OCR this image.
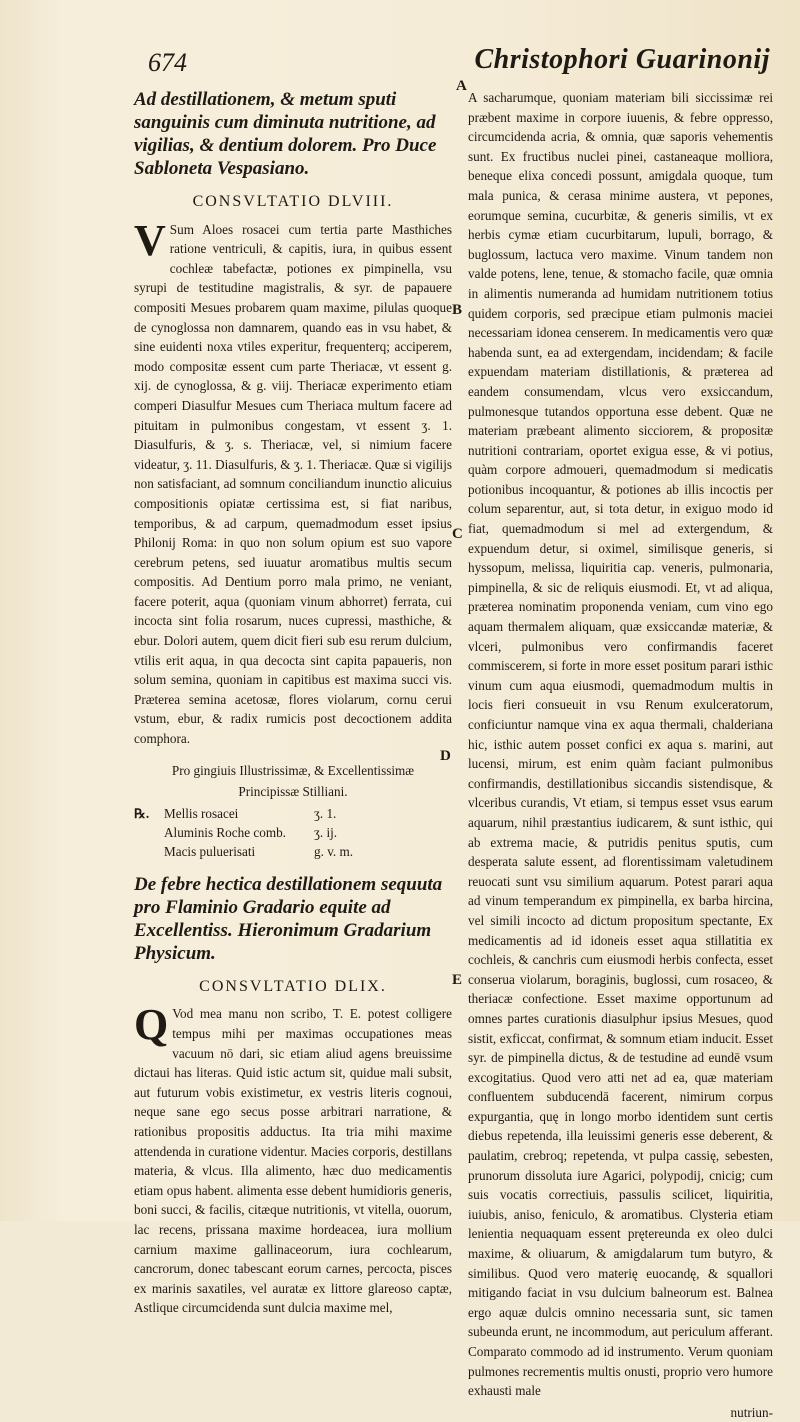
674	Christophori Guarinonij
Ad destillationem, & metum sputi sanguinis cum diminuta nutritione, ad vigilias, & dentium dolorem. Pro Duce Sabloneta Vespasiano.
CONSVLTATIO DLVIII.

V Sum Aloes rosacei cum tertia parte Masthiches ratione ventriculi, & capitis, iura, in quibus essent cochleæ tabefactæ, potiones ex pimpinella, vsu syrupi de testitudine magistralis, & syr. de papauere compositi Mesues probarem quam maxime, pilulas quoque de cynoglossa non damnarem, quando eas in vsu habet, & sine euidenti noxa vtiles experitur, frequenterq; acciperem, modo compositæ essent cum parte Theriacæ, vt essent g. xij. de cynoglossa, & g. viij. Theriacæ experimento etiam comperi Diasulfur Mesues cum Theriaca multum facere ad pituitam in pulmonibus congestam, vt essent ʒ. 1. Diasulfuris, & ʒ. s. Theriacæ, vel, si nimium facere videatur, ʒ. 11. Diasulfuris, & ʒ. 1. Theriacæ. Quæ si vigilijs non satisfaciant, ad somnum conciliandum inunctio alicuius compositionis opiatæ certissima est, si fiat naribus, temporibus, & ad carpum, quemadmodum esset ipsius Philonij Roma: in quo non solum opium est suo vapore cerebrum petens, sed iuuatur aromatibus multis secum compositis. Ad Dentium porro mala primo, ne veniant, facere poterit, aqua (quoniam vinum abhorret) ferrata, cui incocta sint folia rosarum, nuces cupressi, masthiche, & ebur. Dolori autem, quem dicit fieri sub esu rerum dulcium, vtilis erit aqua, in qua decocta sint capita papaueris, non solum semina, quoniam in capitibus est maxima succi vis. Præterea semina acetosæ, flores violarum, cornu cerui vstum, ebur, & radix rumicis post decoctionem addita comphora.

Pro gingiuis Illustrissimæ, & Excellentissimæ
Principissæ Stilliani.
℞.	Mellis rosacei	ʒ. 1.
Aluminis Roche comb.	ʒ. ij.
Macis puluerisati	g. v. m.
De febre hectica destillationem sequuta pro Flaminio Gradario equite ad Excellentiss. Hieronimum Gradarium Physicum.
CONSVLTATIO DLIX.

Q Vod mea manu non scribo, T. E. potest colligere tempus mihi per maximas occupationes meas vacuum nō dari, sic etiam aliud agens breuissime dictaui has literas. Quid istic actum sit, quidue mali subsit, aut futurum vobis existimetur, ex vestris literis cognoui, neque sane ego secus posse arbitrari narratione, & rationibus propositis adductus. Ita tria mihi maxime attendenda in curatione videntur. Macies corporis, destillans materia, & vlcus. Illa alimento, hæc duo medicamentis etiam opus habent. alimenta esse debent humidioris generis, boni succi, & facilis, citæque nutritionis, vt vitella, ouorum, lac recens, prissana maxime hordeacea, iura mollium carnium maxime gallinaceorum, iura cochlearum, cancrorum, donec tabescant eorum carnes, percocta, pisces ex marinis saxatiles, vel auratæ ex littore glareoso captæ, Astlique circumcidenda sunt dulcia maxime mel,

A sacharumque, quoniam materiam bili siccissimæ rei præbent maxime in corpore iuuenis, & febre oppresso, circumcidenda acria, & omnia, quæ saporis vehementis sunt. Ex fructibus nuclei pinei, castaneaque molliora, beneque elixa concedi possunt, amigdala quoque, tum mala punica, & cerasa minime austera, vt pepones, eorumque semina, cucurbitæ, & generis similis, vt ex herbis cymæ etiam cucurbitarum, lupuli, borrago, & buglossum, lactuca vero maxime. Vinum tandem non valde potens, lene, tenue, & stomacho facile, quæ omnia in alimentis numeranda ad humidam nutritionem totius quidem corporis, sed præcipue etiam pulmonis maciei necessariam idonea censerem. In medicamentis vero quæ habenda sunt, ea ad extergendam, incidendam; & facile expuendam materiam distillationis, & præterea ad eandem consumendam, vlcus vero exsiccandum, pulmonesque tutandos opportuna esse debent. Quæ ne materiam præbeant alimento sicciorem, & propositæ nutritioni contrariam, oportet exigua esse, & vi potius, quàm corpore admoueri, quemadmodum si medicatis potionibus incoquantur, & potiones ab illis incoctis per colum separentur, aut, si tota detur, in exiguo modo id fiat, quemadmodum si mel ad extergendum, & expuendum detur, si oximel, similisque generis, si hyssopum, melissa, liquiritia cap. veneris, pulmonaria, pimpinella, & sic de reliquis eiusmodi. Et, vt ad aliqua, præterea nominatim proponenda veniam, cum vino ego aquam thermalem aliquam, quæ exsiccandæ materiæ, & vlceri, pulmonibus vero confirmandis faceret commiscerem, si forte in more esset positum parari isthic vinum cum aqua eiusmodi, quemadmodum multis in locis fieri consueuit in vsu Renum exulceratorum, conficiuntur namque vina ex aqua thermali, chalderiana hic, isthic autem posset confici ex aqua s. marini, aut lucensi, mirum, est enim quàm faciant pulmonibus confirmandis, destillationibus siccandis sistendisque, & vlceribus curandis, Vt etiam, si tempus esset vsus earum aquarum, nihil præstantius iudicarem, & sunt isthic, qui ab extrema macie, & putridis penitus sputis, cum desperata salute essent, ad florentissimam valetudinem reuocati sunt vsu similium aquarum. Potest parari aqua ad vinum temperandum ex pimpinella, ex barba hircina, vel simili incocto ad dictum propositum spectante, Ex medicamentis ad id idoneis esset aqua stillatitia ex cochleis, & canchris cum eiusmodi herbis confecta, esset conserua violarum, boraginis, buglossi, cum rosaceo, & theriacæ confectione. Esset maxime opportunum ad omnes partes curationis diasulphur ipsius Mesues, quod sistit, exficcat, confirmat, & somnum etiam inducit. Esset syr. de pimpinella dictus, & de testudine ad eundē vsum excogitatius. Quod vero atti net ad ea, quæ materiam confluentem subducendā facerent, nimirum corpus expurgantia, quę in longo morbo identidem sunt certis diebus repetenda, illa leuissimi generis esse deberent, & paulatim, crebroq; repetenda, vt pulpa cassię, sebesten, prunorum dissoluta iure Agarici, polypodij, cnicig; cum suis vocatis correctiuis, passulis scilicet, liquiritia, iuiubis, aniso, feniculo, & aromatibus. Clysteria etiam lenientia nequaquam essent prętereunda ex oleo dulci maxime, & oliuarum, & amigdalarum tum butyro, & similibus. Quod vero materię euocandę, & squallori mitigando faciat in vsu dulcium balneorum est. Balnea ergo aquæ dulcis omnino necessaria sunt, sic tamen subeunda erunt, ne incommodum, aut periculum afferant. Comparato commodo ad id instrumento. Verum quoniam pulmones recrementis multis onusti, proprio vero humore exhausti male

nutriun-
A
B
C
D
E
